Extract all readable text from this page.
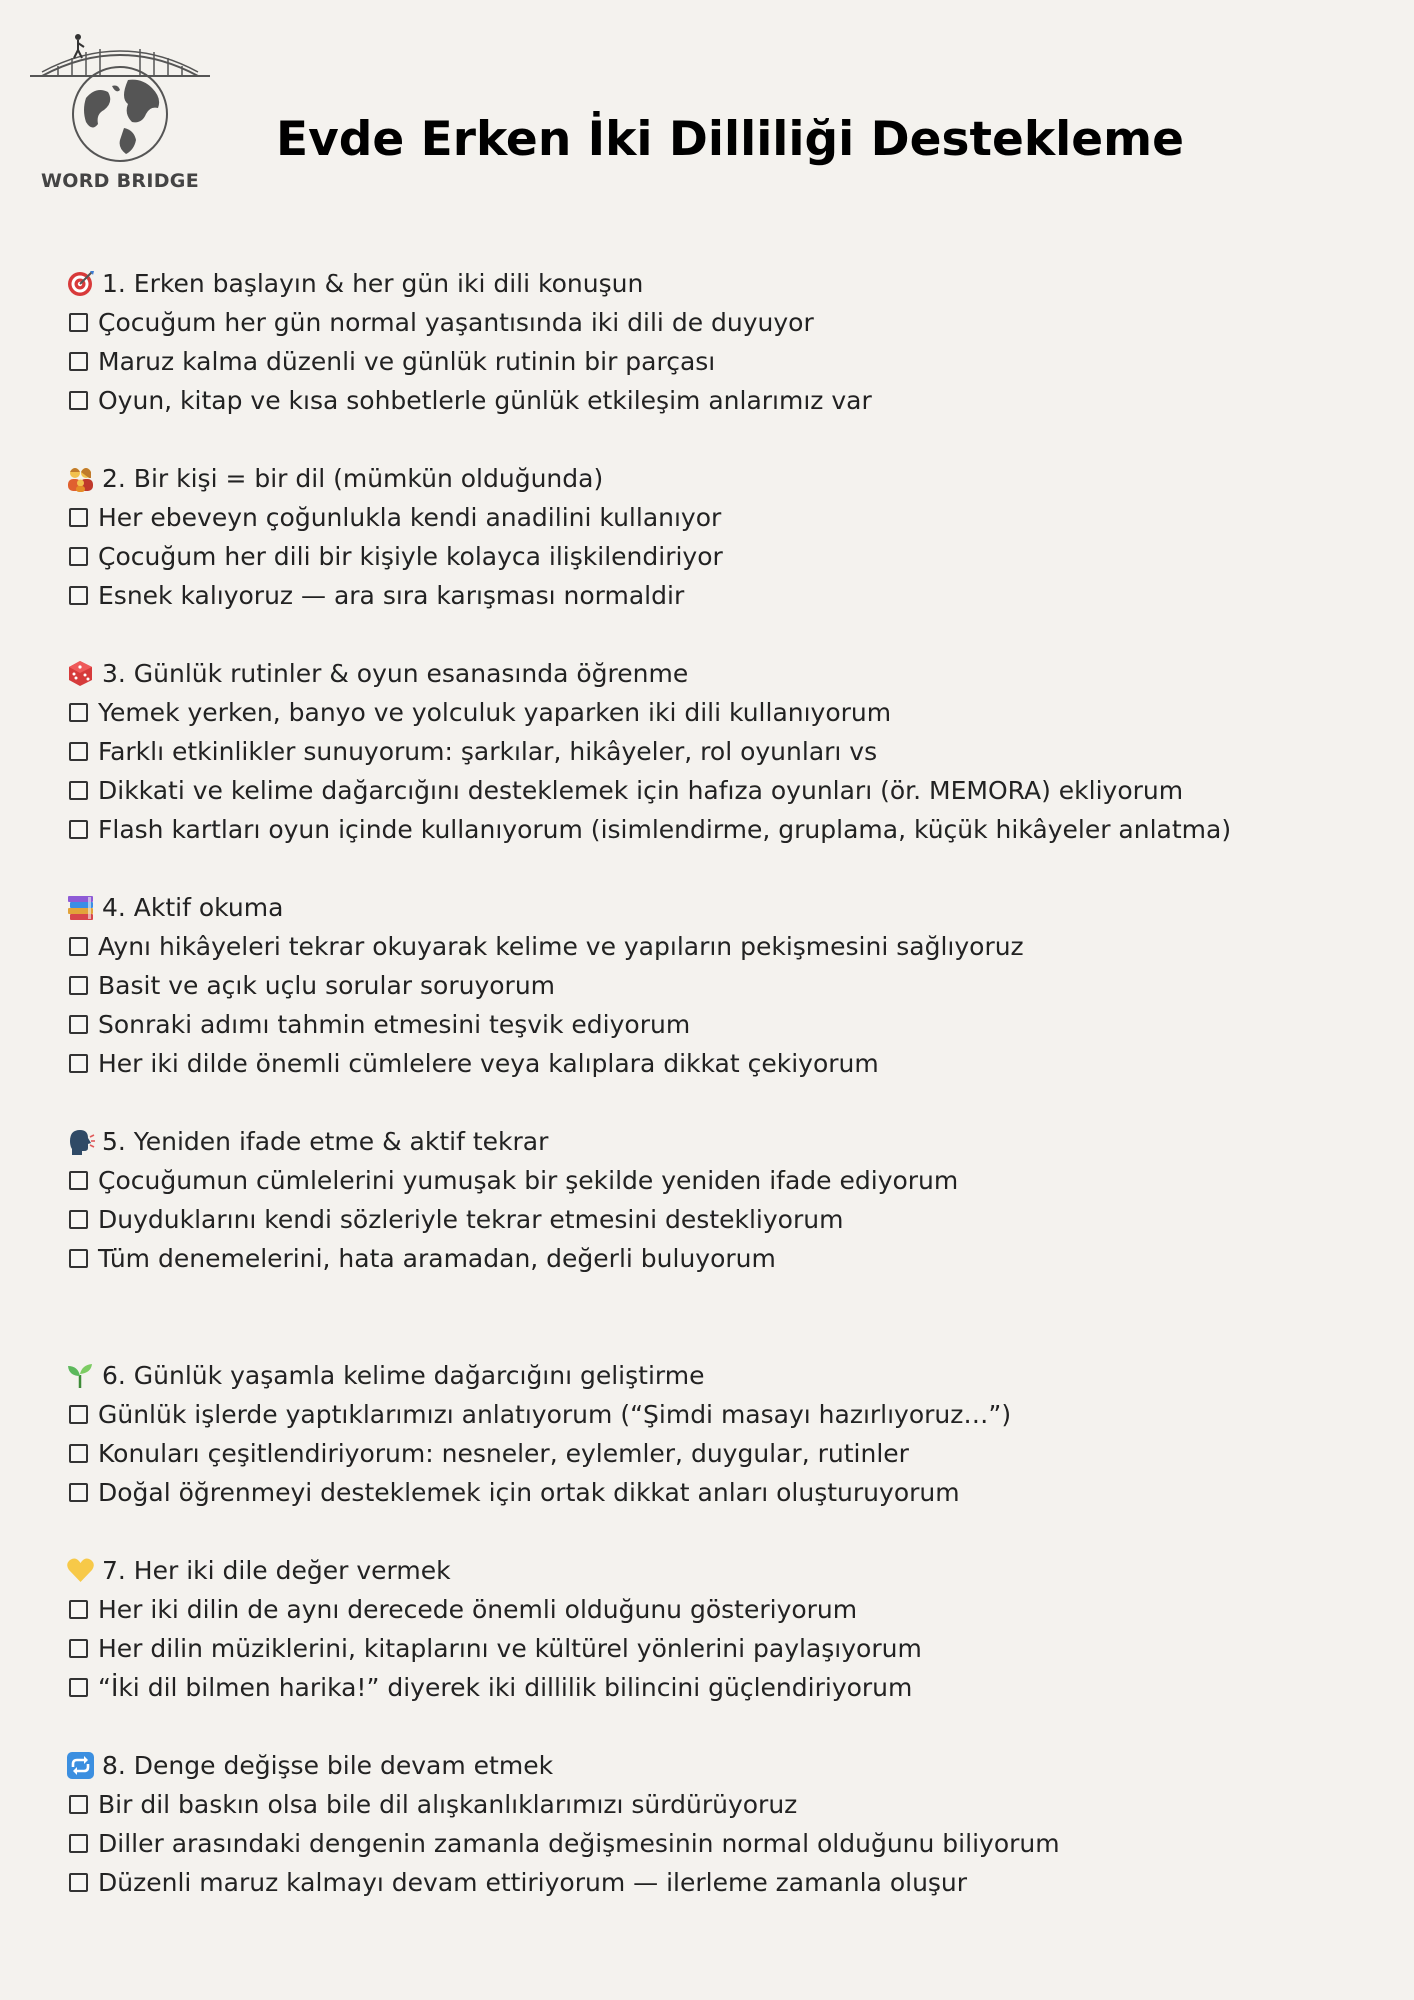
WORD BRIDGE
Evde Erken İki Dilliliği Destekleme
1. Erken başlayın & her gün iki dili konuşun
Çocuğum her gün normal yaşantısında iki dili de duyuyor
Maruz kalma düzenli ve günlük rutinin bir parçası
Oyun, kitap ve kısa sohbetlerle günlük etkileşim anlarımız var
2. Bir kişi = bir dil (mümkün olduğunda)
Her ebeveyn çoğunlukla kendi anadilini kullanıyor
Çocuğum her dili bir kişiyle kolayca ilişkilendiriyor
Esnek kalıyoruz — ara sıra karışması normaldir
3. Günlük rutinler & oyun esanasında öğrenme
Yemek yerken, banyo ve yolculuk yaparken iki dili kullanıyorum
Farklı etkinlikler sunuyorum: şarkılar, hikâyeler, rol oyunları vs
Dikkati ve kelime dağarcığını desteklemek için hafıza oyunları (ör. MEMORA) ekliyorum
Flash kartları oyun içinde kullanıyorum (isimlendirme, gruplama, küçük hikâyeler anlatma)
4. Aktif okuma
Aynı hikâyeleri tekrar okuyarak kelime ve yapıların pekişmesini sağlıyoruz
Basit ve açık uçlu sorular soruyorum
Sonraki adımı tahmin etmesini teşvik ediyorum
Her iki dilde önemli cümlelere veya kalıplara dikkat çekiyorum
5. Yeniden ifade etme & aktif tekrar
Çocuğumun cümlelerini yumuşak bir şekilde yeniden ifade ediyorum
Duyduklarını kendi sözleriyle tekrar etmesini destekliyorum
Tüm denemelerini, hata aramadan, değerli buluyorum
6. Günlük yaşamla kelime dağarcığını geliştirme
Günlük işlerde yaptıklarımızı anlatıyorum (“Şimdi masayı hazırlıyoruz…”)
Konuları çeşitlendiriyorum: nesneler, eylemler, duygular, rutinler
Doğal öğrenmeyi desteklemek için ortak dikkat anları oluşturuyorum
7. Her iki dile değer vermek
Her iki dilin de aynı derecede önemli olduğunu gösteriyorum
Her dilin müziklerini, kitaplarını ve kültürel yönlerini paylaşıyorum
“İki dil bilmen harika!” diyerek iki dillilik bilincini güçlendiriyorum
8. Denge değişse bile devam etmek
Bir dil baskın olsa bile dil alışkanlıklarımızı sürdürüyoruz
Diller arasındaki dengenin zamanla değişmesinin normal olduğunu biliyorum
Düzenli maruz kalmayı devam ettiriyorum — ilerleme zamanla oluşur
